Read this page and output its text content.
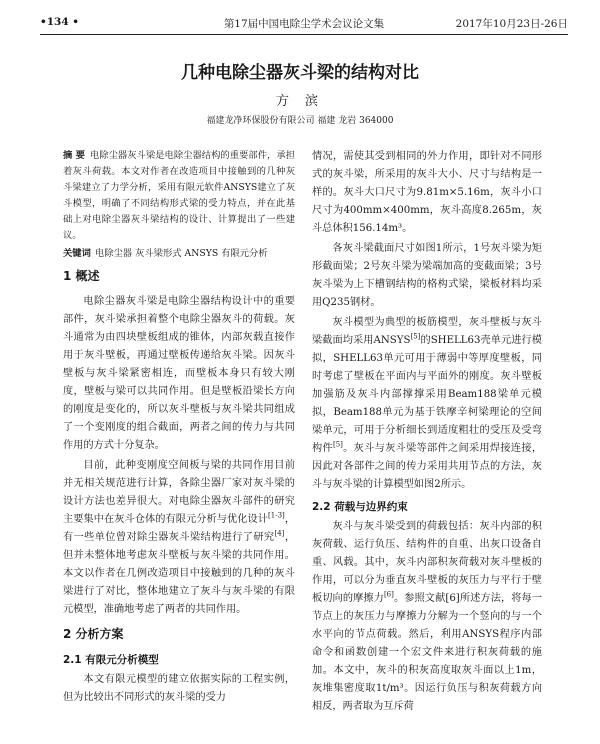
•134 •	第17届中国电除尘学术会议论文集	2017年10月23日-26日
几种电除尘器灰斗梁的结构对比
方 滨
福建龙净环保股份有限公司 福建 龙岩 364000

摘 要 电除尘器灰斗梁是电除尘器结构的重要部件，承担着灰斗荷载。本文对作者在改造项目中接触到的几种灰斗梁建立了力学分析，采用有限元软件ANSYS建立了灰斗模型，明确了不同结构形式梁的受力特点，并在此基础上对电除尘器灰斗梁结构的设计、计算提出了一些建议。

关键词 电除尘器 灰斗梁形式 ANSYS 有限元分析

1 概述

电除尘器灰斗梁是电除尘器结构设计中的重要部件，灰斗梁承担着整个电除尘器灰斗的荷载。灰斗通常为由四块壁板组成的锥体，内部灰载直接作用于灰斗壁板，再通过壁板传递给灰斗梁。因灰斗壁板与灰斗梁紧密相连，而壁板本身只有较大刚度，壁板与梁可以共同作用。但是壁板沿梁长方向的刚度是变化的，所以灰斗壁板与灰斗梁共同组成了一个变刚度的组合截面，两者之间的传力与共同作用的方式十分复杂。

目前，此种变刚度空间板与梁的共同作用目前并无相关规范进行计算，各除尘器厂家对灰斗梁的设计方法也差异很大。对电除尘器灰斗部件的研究主要集中在灰斗仓体的有限元分析与优化设计[1-3]，有一些单位曾对除尘器灰斗梁结构进行了研究[4]，但并未整体地考虑灰斗壁板与灰斗梁的共同作用。本文以作者在几例改造项目中接触到的几种的灰斗梁进行了对比，整体地建立了灰斗与灰斗梁的有限元模型，准确地考虑了两者的共同作用。

2 分析方案
2.1 有限元分析模型

本文有限元模型的建立依据实际的工程实例，但为比较出不同形式的灰斗梁的受力

情况，需使其受到相同的外力作用，即针对不同形式的灰斗梁，所采用的灰斗大小、尺寸与结构是一样的。灰斗大口尺寸为9.81m×5.16m，灰斗小口尺寸为400mm×400mm，灰斗高度8.265m，灰斗总体积156.14m³。

各灰斗梁截面尺寸如图1所示，1号灰斗梁为矩形截面梁；2号灰斗梁为梁端加高的变截面梁；3号灰斗梁为上下槽钢结构的格构式梁，梁板材料均采用Q235钢材。

灰斗模型为典型的板筋模型，灰斗壁板与灰斗梁截面均采用ANSYS[5]的SHELL63壳单元进行模拟，SHELL63单元可用于薄弱中等厚度壁板，同时考虑了壁板在平面内与平面外的刚度。灰斗壁板加强筋及灰斗内部撑撑采用Beam188梁单元模拟，Beam188单元为基于铁摩辛柯梁理论的空间梁单元，可用于分析细长到适度粗壮的受压及受弯构件[5]。灰斗与灰斗梁等部件之间采用焊接连接，因此对各部件之间的传力采用共用节点的方法，灰斗与灰斗梁的计算模型如图2所示。

2.2 荷载与边界约束

灰斗与灰斗梁受到的荷载包括：灰斗内部的积灰荷载、运行负压、结构件的自重、出灰口设备自重、风载。其中，灰斗内部积灰荷载对灰斗壁板的作用，可以分为垂直灰斗壁板的灰压力与平行于壁板切向的摩擦力[6]。参照文献[6]所述方法，将每一节点上的灰压力与摩擦力分解为一个竖向的与一个水平向的节点荷载。然后，利用ANSYS程序内部命令和函数创建一个宏文件来进行积灰荷载的施加。本文中，灰斗的积灰高度取灰斗面以上1m，灰堆集密度取1t/m³。因运行负压与积灰荷载方向相反，两者取为互斥荷
